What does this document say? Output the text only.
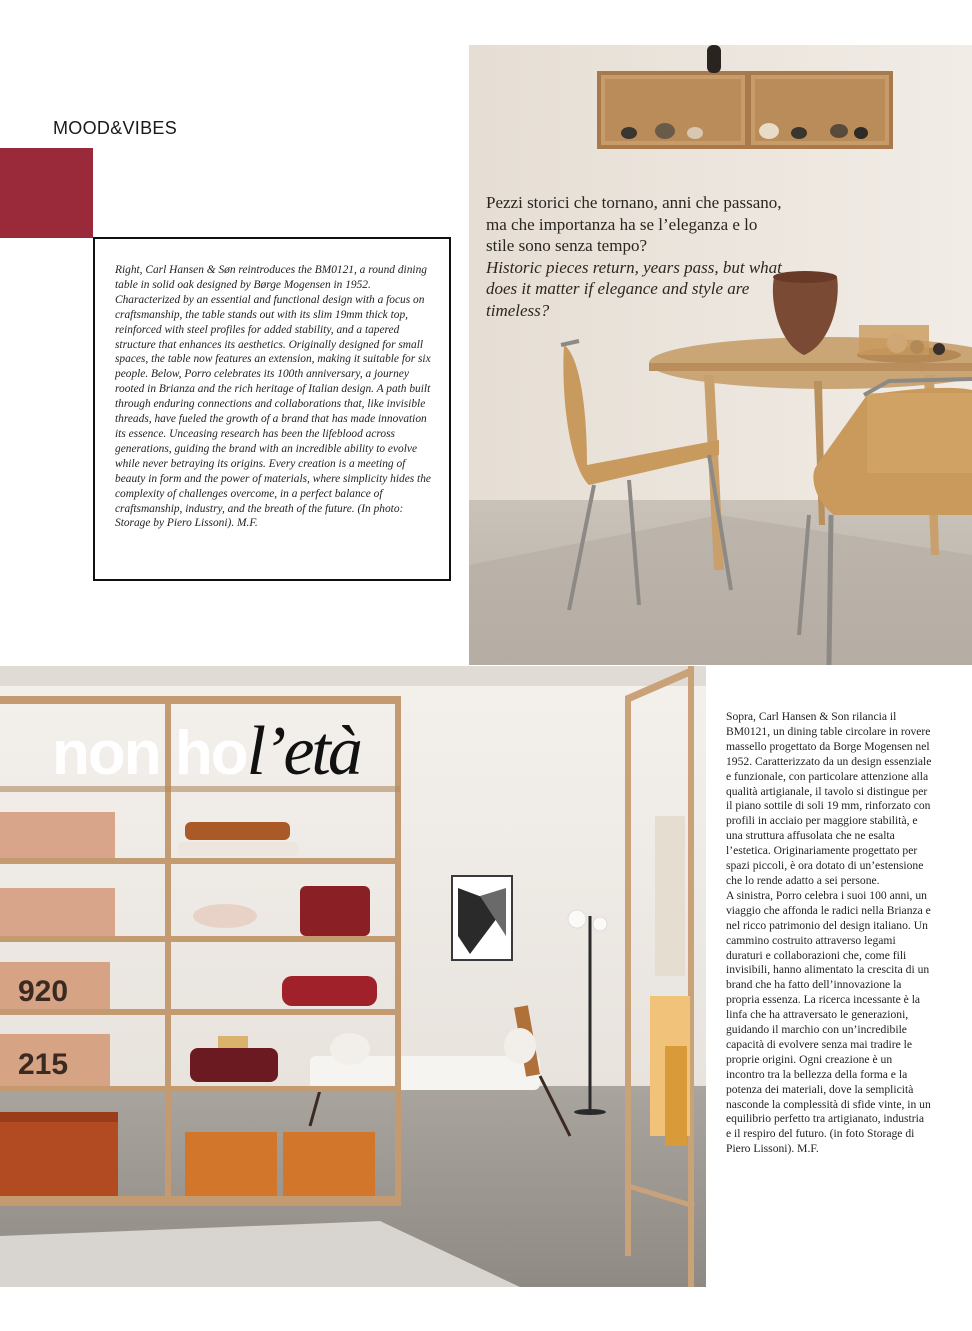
MOOD&VIBES
Right, Carl Hansen & Søn reintroduces the BM0121, a round dining table in solid oak designed by Børge Mogensen in 1952. Characterized by an essential and functional design with a focus on craftsmanship, the table stands out with its slim 19mm thick top, reinforced with steel profiles for added stability, and a tapered structure that enhances its aesthetics. Originally designed for small spaces, the table now features an extension, making it suitable for six people. Below, Porro celebrates its 100th anniversary, a journey rooted in Brianza and the rich heritage of Italian design. A path built through enduring connections and collaborations that, like invisible threads, have fueled the growth of a brand that has made innovation its essence. Unceasing research has been the lifeblood across generations, guiding the brand with an incredible ability to evolve while never betraying its origins. Every creation is a meeting of beauty in form and the power of materials, where simplicity hides the complexity of challenges overcome, in a perfect balance of craftsmanship, industry, and the breath of the future. (In photo: Storage by Piero Lissoni). M.F.
Pezzi storici che tornano, anni che passano, ma che importanza ha se l’eleganza e lo stile sono senza tempo?
Historic pieces return, years pass, but what does it matter if elegance and style are timeless?
920
215
non hol’età	Sopra, Carl Hansen & Son rilancia il BM0121, un dining table circolare in rovere massello progettato da Borge Mogensen nel 1952. Caratterizzato da un design essenziale e funzionale, con particolare attenzione alla qualità artigianale, il tavolo si distingue per il piano sottile di soli 19 mm, rinforzato con profili in acciaio per maggiore stabilità, e una struttura affusolata che ne esalta l’estetica. Originariamente progettato per spazi piccoli, è ora dotato di un’estensione che lo rende adatto a sei persone.

A sinistra, Porro celebra i suoi 100 anni, un viaggio che affonda le radici nella Brianza e nel ricco patrimonio del design italiano. Un cammino costruito attraverso legami duraturi e collaborazioni che, come fili invisibili, hanno alimentato la crescita di un brand che ha fatto dell’innovazione la propria essenza. La ricerca incessante è la linfa che ha attraversato le generazioni, guidando il marchio con un’incredibile capacità di evolvere senza mai tradire le proprie origini. Ogni creazione è un incontro tra la bellezza della forma e la potenza dei materiali, dove la semplicità nasconde la complessità di sfide vinte, in un equilibrio perfetto tra artigianato, industria e il respiro del futuro. (in foto Storage di Piero Lissoni). M.F.
